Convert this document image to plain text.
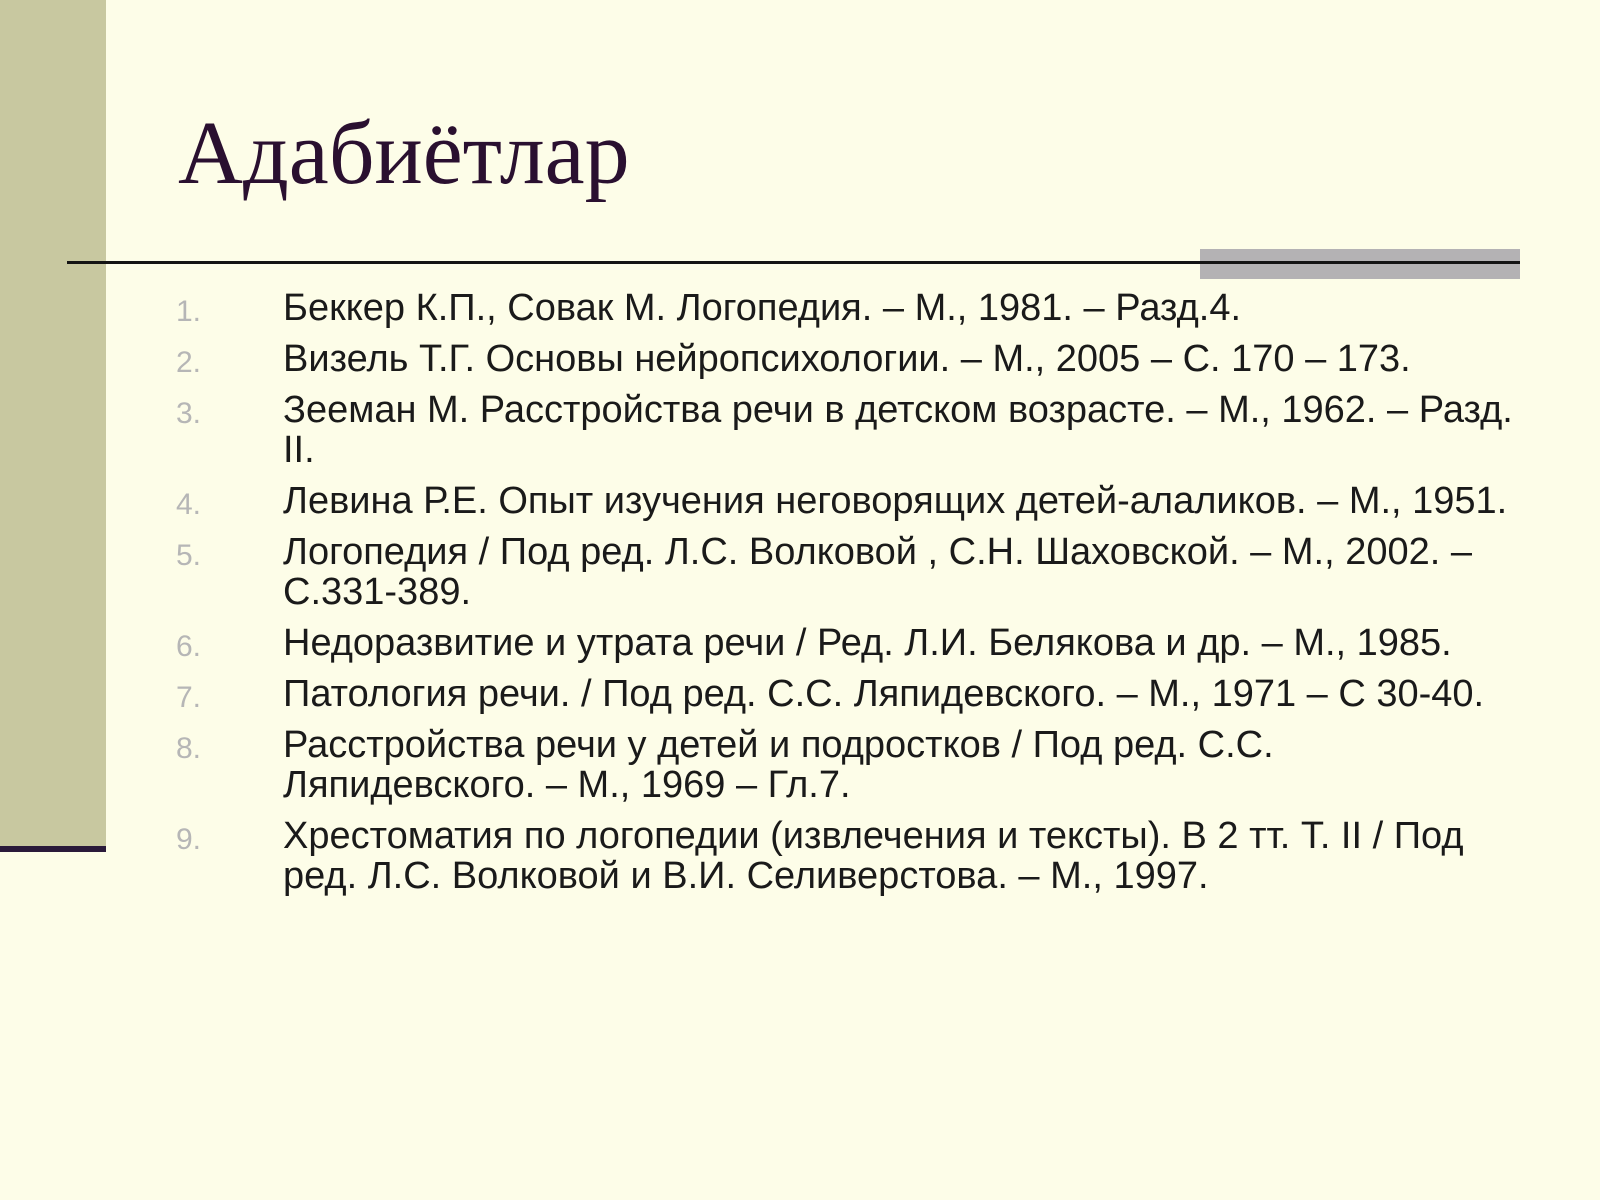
Адабиётлар
1. Беккер К.П., Совак М. Логопедия. – М., 1981. – Разд.4.
2. Визель Т.Г. Основы нейропсихологии. – М., 2005 – С. 170 – 173.
3. Зееман М. Расстройства речи в детском возрасте. – М., 1962. – Разд. II.
4. Левина Р.Е. Опыт изучения неговорящих детей-алаликов. – М., 1951.
5. Логопедия / Под ред. Л.С. Волковой , С.Н. Шаховской. – М., 2002. – С.331-389.
6. Недоразвитие и утрата речи / Ред. Л.И. Белякова и др. – М., 1985.
7. Патология речи. / Под ред. С.С. Ляпидевского. – М., 1971 – С 30-40.
8. Расстройства речи у детей и подростков / Под ред. С.С. Ляпидевского. – М., 1969 – Гл.7.
9. Хрестоматия по логопедии (извлечения и тексты). В 2 тт. Т. II / Под ред. Л.С. Волковой и В.И. Селиверстова. – М., 1997.
